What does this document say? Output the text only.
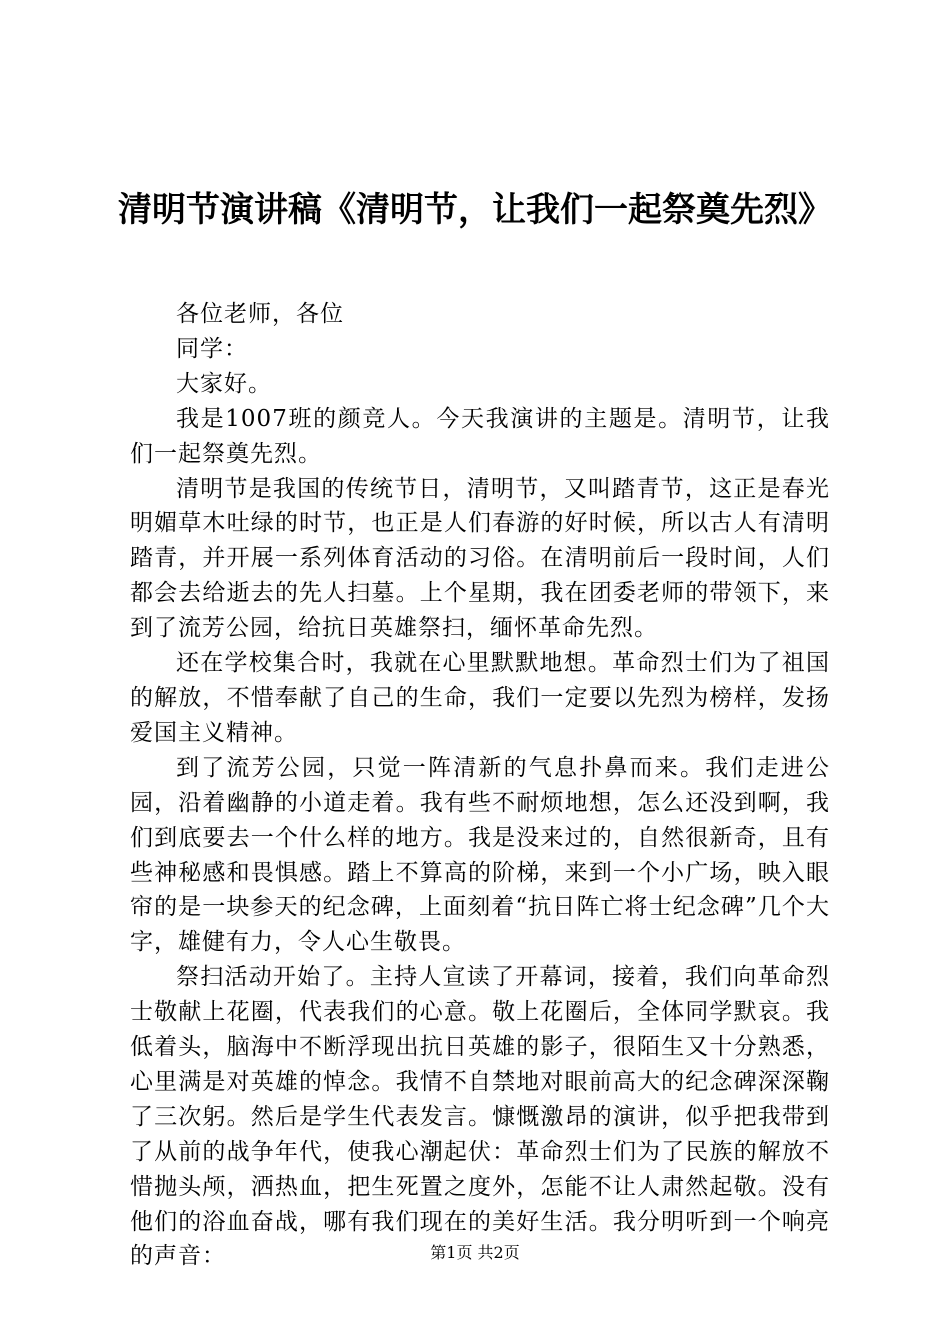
清明节演讲稿《清明节，让我们一起祭奠先烈》

各位老师，各位

同学：

大家好。

我是1007班的颜竞人。今天我演讲的主题是。清明节，让我们一起祭奠先烈。

清明节是我国的传统节日，清明节，又叫踏青节，这正是春光明媚草木吐绿的时节，也正是人们春游的好时候，所以古人有清明踏青，并开展一系列体育活动的习俗。在清明前后一段时间，人们都会去给逝去的先人扫墓。上个星期，我在团委老师的带领下，来到了流芳公园，给抗日英雄祭扫，缅怀革命先烈。

还在学校集合时，我就在心里默默地想。革命烈士们为了祖国的解放，不惜奉献了自己的生命，我们一定要以先烈为榜样，发扬爱国主义精神。

到了流芳公园，只觉一阵清新的气息扑鼻而来。我们走进公园，沿着幽静的小道走着。我有些不耐烦地想，怎么还没到啊，我们到底要去一个什么样的地方。我是没来过的，自然很新奇，且有些神秘感和畏惧感。踏上不算高的阶梯，来到一个小广场，映入眼帘的是一块参天的纪念碑，上面刻着“抗日阵亡将士纪念碑”几个大字，雄健有力，令人心生敬畏。

祭扫活动开始了。主持人宣读了开幕词，接着，我们向革命烈士敬献上花圈，代表我们的心意。敬上花圈后，全体同学默哀。我低着头，脑海中不断浮现出抗日英雄的影子，很陌生又十分熟悉，心里满是对英雄的悼念。我情不自禁地对眼前高大的纪念碑深深鞠了三次躬。然后是学生代表发言。慷慨激昂的演讲，似乎把我带到了从前的战争年代，使我心潮起伏：革命烈士们为了民族的解放不惜抛头颅，洒热血，把生死置之度外，怎能不让人肃然起敬。没有他们的浴血奋战，哪有我们现在的美好生活。我分明听到一个响亮的声音：	第1页 共2页
